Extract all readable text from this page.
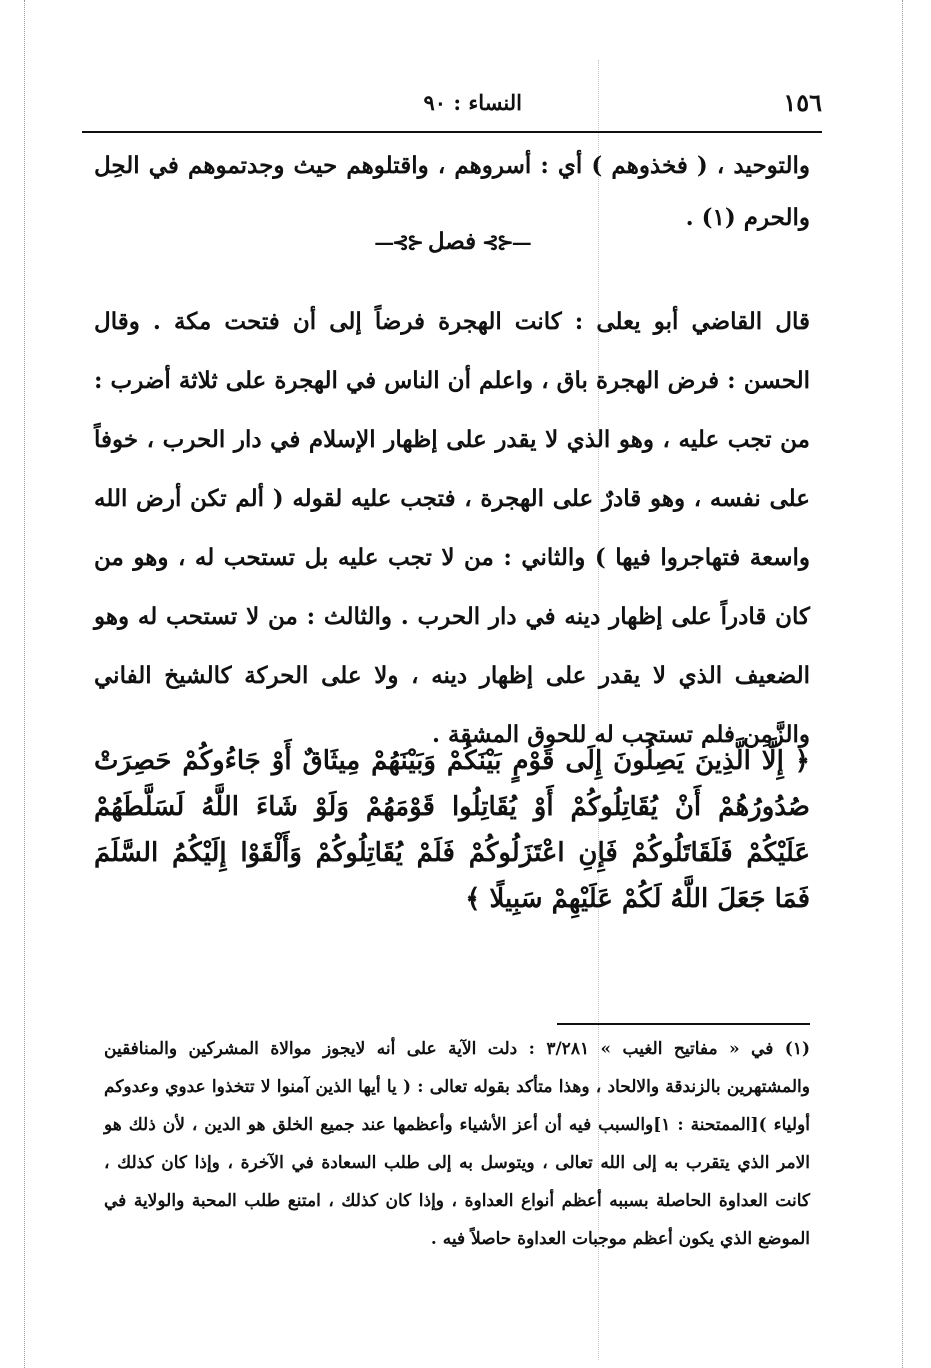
١٥٦
النساء : ٩٠
والتوحيد ، ( فخذوهم ) أي : أسروهم ، واقتلوهم حيث وجدتموهم في الحِل والحرم (١) .
—⊰⊱فصل⊰⊱—
قال القاضي أبو يعلى : كانت الهجرة فرضاً إلى أن فتحت مكة . وقال الحسن : فرض الهجرة باق ، واعلم أن الناس في الهجرة على ثلاثة أضرب : من تجب عليه ، وهو الذي لا يقدر على إظهار الإسلام في دار الحرب ، خوفاً على نفسه ، وهو قادرٌ على الهجرة ، فتجب عليه لقوله ( ألم تكن أرض الله واسعة فتهاجروا فيها ) والثاني : من لا تجب عليه بل تستحب له ، وهو من كان قادراً على إظهار دينه في دار الحرب . والثالث : من لا تستحب له وهو الضعيف الذي لا يقدر على إظهار دينه ، ولا على الحركة كالشيخ الفاني والزَّمِن فلم تستحب له للحوق المشقة .
﴿ إِلَّا الَّذِينَ يَصِلُونَ إِلَى قَوْمٍ بَيْنَكُمْ وَبَيْنَهُمْ مِيثَاقٌ أَوْ جَاءُوكُمْ حَصِرَتْ صُدُورُهُمْ أَنْ يُقَاتِلُوكُمْ أَوْ يُقَاتِلُوا قَوْمَهُمْ وَلَوْ شَاءَ اللَّهُ لَسَلَّطَهُمْ عَلَيْكُمْ فَلَقَاتَلُوكُمْ فَإِنِ اعْتَزَلُوكُمْ فَلَمْ يُقَاتِلُوكُمْ وَأَلْقَوْا إِلَيْكُمُ السَّلَمَ فَمَا جَعَلَ اللَّهُ لَكُمْ عَلَيْهِمْ سَبِيلًا ﴾
(١) في « مفاتيح الغيب » ٣/٢٨١ : دلت الآية على أنه لايجوز موالاة المشركين والمنافقين والمشتهرين بالزندقة والالحاد ، وهذا متأكد بقوله تعالى : ( يا أيها الذين آمنوا لا تتخذوا عدوي وعدوكم أولياء )[الممتحنة : ١]والسبب فيه أن أعز الأشياء وأعظمها عند جميع الخلق هو الدين ، لأن ذلك هو الامر الذي يتقرب به إلى الله تعالى ، ويتوسل به إلى طلب السعادة في الآخرة ، وإذا كان كذلك ، كانت العداوة الحاصلة بسببه أعظم أنواع العداوة ، وإذا كان كذلك ، امتنع طلب المحبة والولاية في الموضع الذي يكون أعظم موجبات العداوة حاصلاً فيه .
